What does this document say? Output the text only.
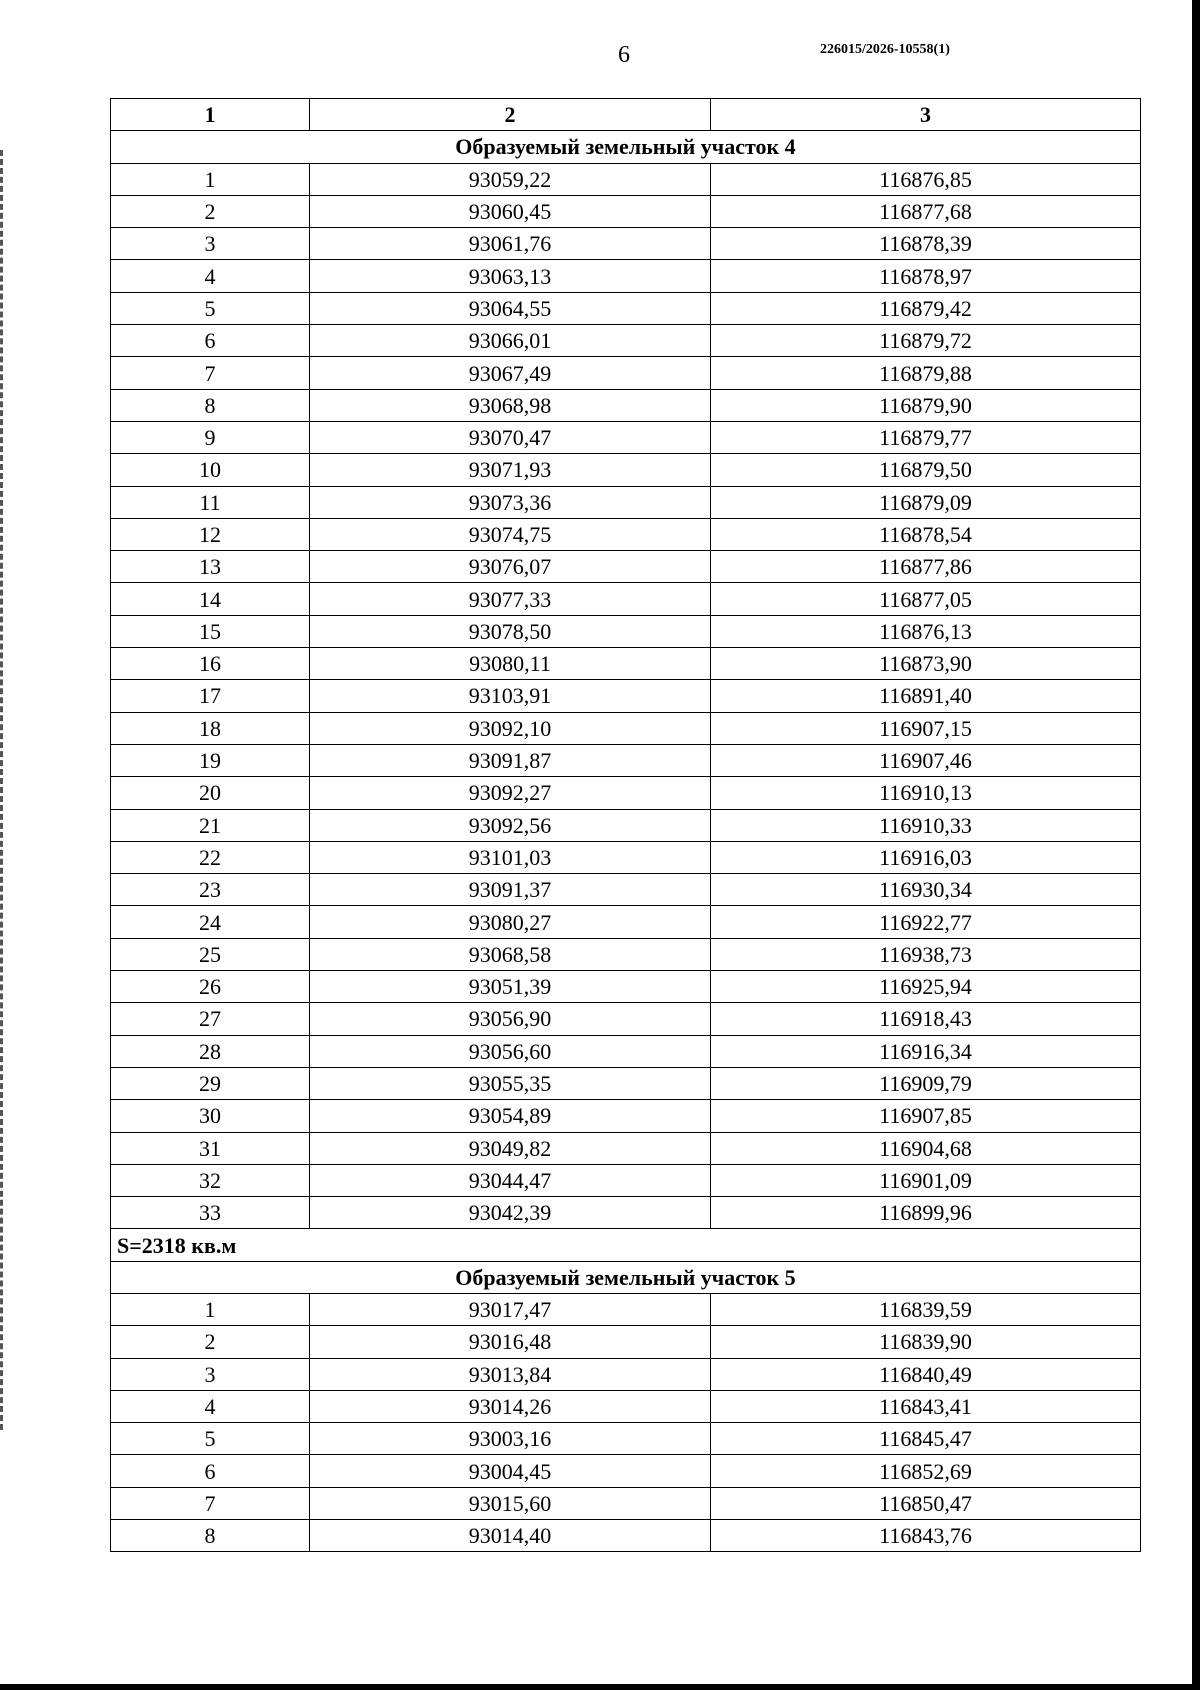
6	226015/2026-10558(1)
1	2	3
Образуемый земельный участок 4		
1	93059,22	116876,85
2	93060,45	116877,68
3	93061,76	116878,39
4	93063,13	116878,97
5	93064,55	116879,42
6	93066,01	116879,72
7	93067,49	116879,88
8	93068,98	116879,90
9	93070,47	116879,77
10	93071,93	116879,50
11	93073,36	116879,09
12	93074,75	116878,54
13	93076,07	116877,86
14	93077,33	116877,05
15	93078,50	116876,13
16	93080,11	116873,90
17	93103,91	116891,40
18	93092,10	116907,15
19	93091,87	116907,46
20	93092,27	116910,13
21	93092,56	116910,33
22	93101,03	116916,03
23	93091,37	116930,34
24	93080,27	116922,77
25	93068,58	116938,73
26	93051,39	116925,94
27	93056,90	116918,43
28	93056,60	116916,34
29	93055,35	116909,79
30	93054,89	116907,85
31	93049,82	116904,68
32	93044,47	116901,09
33	93042,39	116899,96
S=2318 кв.м		
Образуемый земельный участок 5		
1	93017,47	116839,59
2	93016,48	116839,90
3	93013,84	116840,49
4	93014,26	116843,41
5	93003,16	116845,47
6	93004,45	116852,69
7	93015,60	116850,47
8	93014,40	116843,76
